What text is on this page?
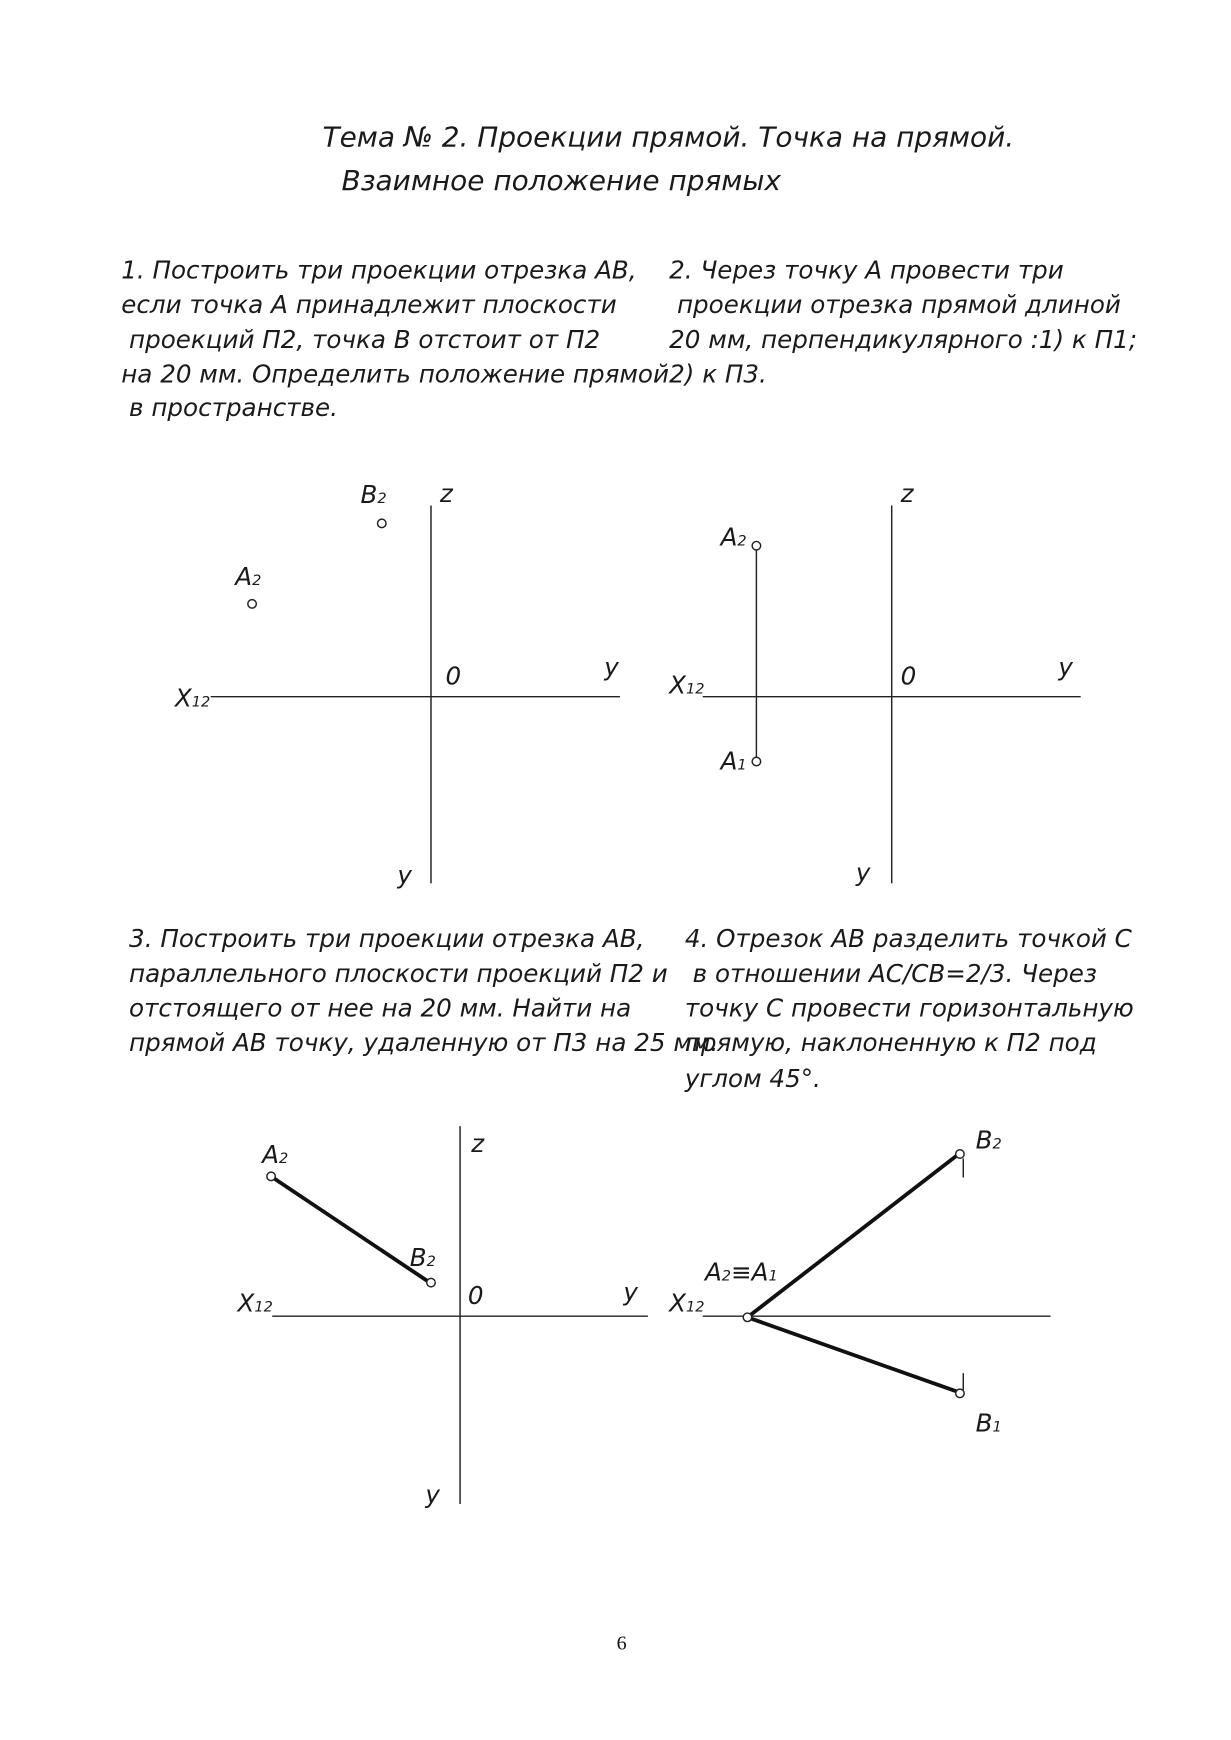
Тема № 2. Проекции прямой. Точка на прямой.
Взаимное положение прямых
1. Построить три проекции отрезка АВ,
если точка А принадлежит плоскости
проекций П2, точка В отстоит от П2
на 20 мм. Определить положение прямой
в пространстве.
2. Через точку А провести три
проекции отрезка прямой длиной
20 мм, перпендикулярного :1) к П1;
2) к П3.
z
y
y
0
X12
B2
A2
z
y
y
0
X12
A2
A1
3. Построить три проекции отрезка АВ,
параллельного плоскости проекций П2 и
отстоящего от нее на 20 мм. Найти на
прямой АВ точку, удаленную от П3 на 25 мм.
4. Отрезок АВ разделить точкой С
в отношении АС/СВ=2/3. Через
точку С провести горизонтальную
прямую, наклоненную к П2 под
углом 45°.
z
y
y
0
X12
A2
B2
X12
A2≡A1
B2
B1
6
